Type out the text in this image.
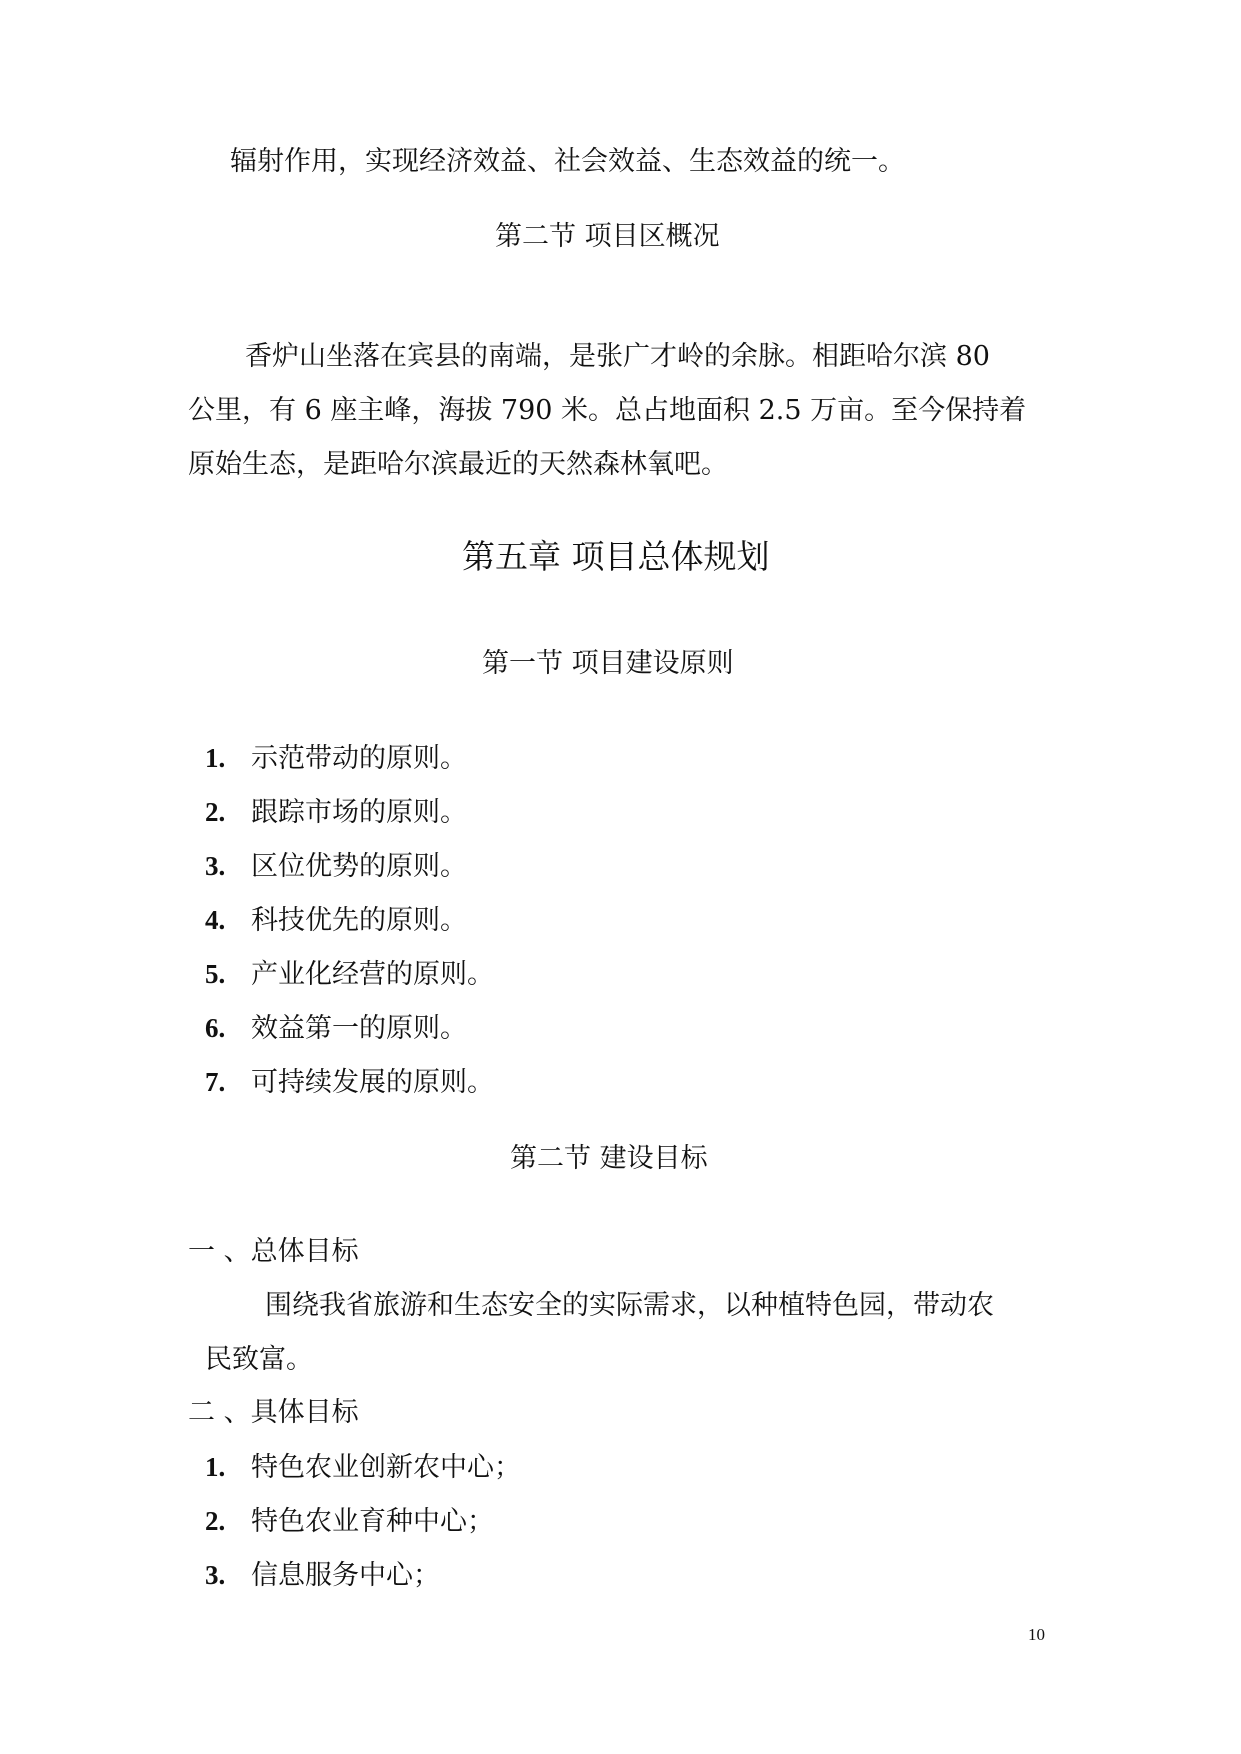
辐射作用，实现经济效益、社会效益、生态效益的统一。
第二节 项目区概况
香炉山坐落在宾县的南端，是张广才岭的余脉。相距哈尔滨 80
公里，有 6 座主峰，海拔 790 米。总占地面积 2.5 万亩。至今保持着
原始生态，是距哈尔滨最近的天然森林氧吧。
第五章 项目总体规划
第一节 项目建设原则
1. 示范带动的原则。
2. 跟踪市场的原则。
3. 区位优势的原则。
4. 科技优先的原则。
5. 产业化经营的原则。
6. 效益第一的原则。
7. 可持续发展的原则。
第二节 建设目标
一 、总体目标
围绕我省旅游和生态安全的实际需求，以种植特色园，带动农
民致富。
二 、具体目标
1. 特色农业创新农中心；
2. 特色农业育种中心；
3. 信息服务中心；
10
